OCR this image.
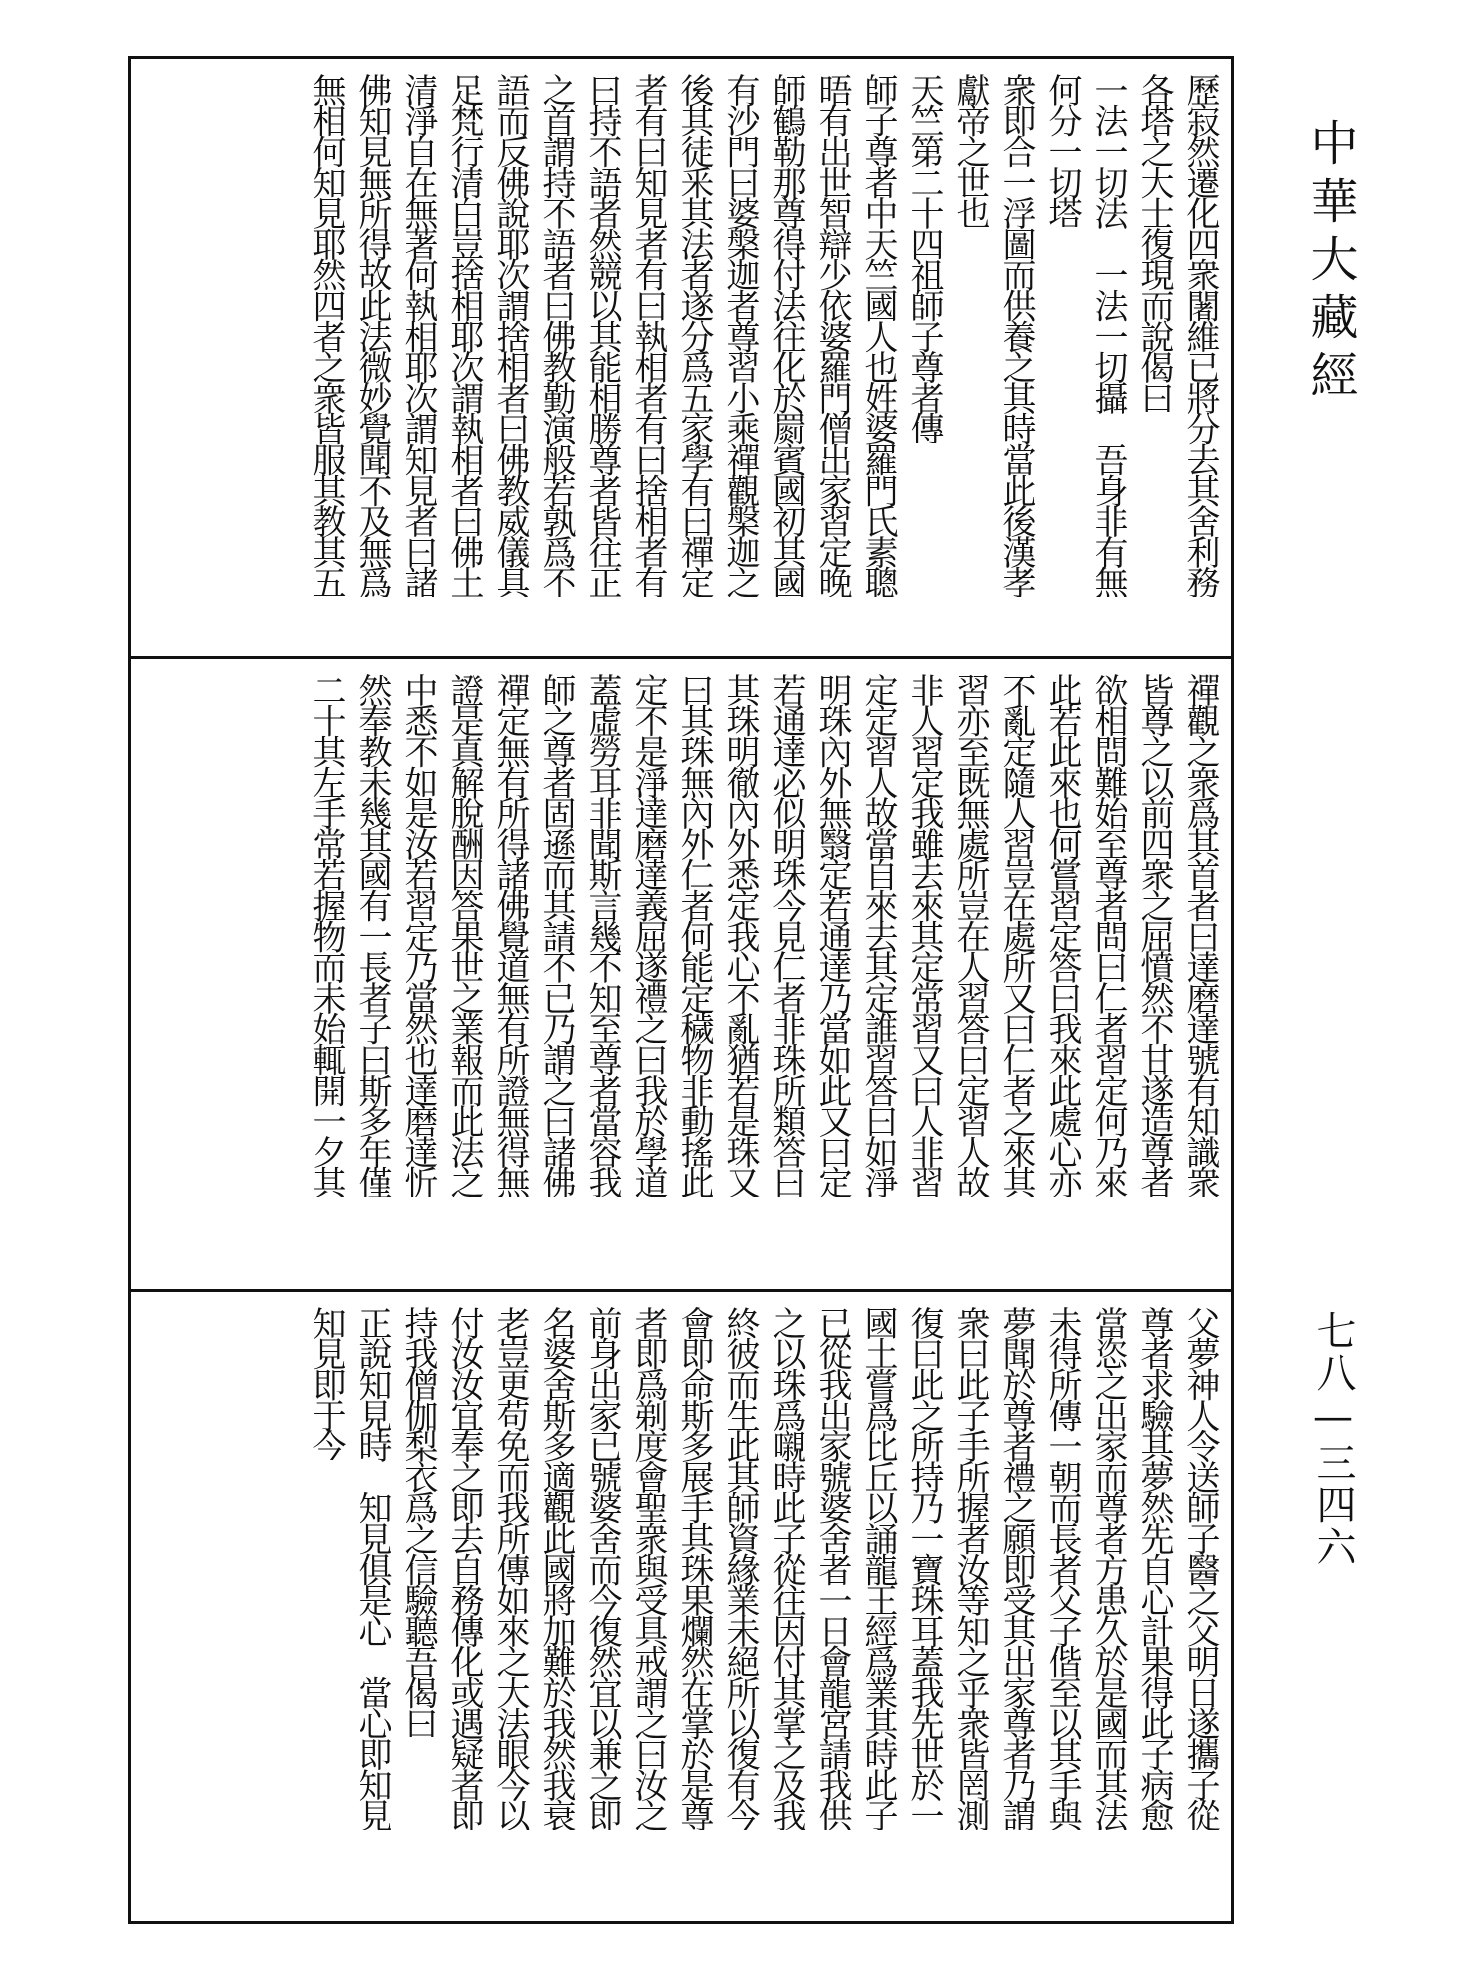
歷寂然遷化四衆闍維已將分去其舍利務
各塔之大士復現而說偈曰
一法一切法　一法一切攝　吾身非有無
何分一切塔
衆即合一浮圖而供養之其時當此後漢孝
獻帝之世也
天竺第二十四祖師子尊者傳
師子尊者中天竺國人也姓婆羅門氏素聰
晤有出世智辯少依婆羅門僧出家習定晚
師鶴勒那尊得付法往化於罽賓國初其國
有沙門曰婆槃迦者尊習小乘禪觀槃迦之
後其徒釆其法者遂分爲五家學有曰禪定
者有曰知見者有曰執相者有曰捨相者有
曰持不語者然競以其能相勝尊者皆往正
之首謂持不語者曰佛教勤演般若孰爲不
語而反佛說耶次謂捨相者曰佛教威儀具
足梵行清白豈捨相耶次謂執相者曰佛土
清淨自在無著何執相耶次謂知見者曰諸
佛知見無所得故此法微妙覺聞不及無爲
無相何知見耶然四者之衆皆服其教其五
禪觀之衆爲其首者曰達磨達號有知識衆
皆尊之以前四衆之屈憤然不甘遂造尊者
欲相問難始至尊者問曰仁者習定何乃來
此若此來也何嘗習定答曰我來此處心亦
不亂定隨人習豈在處所又曰仁者之來其
習亦至既無處所豈在人習答曰定習人故
非人習定我雖去來其定常習又曰人非習
定定習人故當自來去其定誰習答曰如淨
明珠內外無翳定若通達乃當如此又曰定
若通達必似明珠今見仁者非珠所類答曰
其珠明徹內外悉定我心不亂猶若是珠又
曰其珠無內外仁者何能定穢物非動搖此
定不是淨達磨達義屈遂禮之曰我於學道
蓋虛勞耳非聞斯言幾不知至尊者當容我
師之尊者固遜而其請不已乃謂之曰諸佛
禪定無有所得諸佛覺道無有所證無得無
證是真解脫酬因答果世之業報而此法之
中悉不如是汝若習定乃當然也達磨達忻
然奉教未幾其國有一長者子曰斯多年僅
二十其左手常若握物而未始輒開一夕其
父夢神人令送師子醫之父明日遂攜子從
尊者求驗其夢然先自心計果得此子病愈
當恣之出家而尊者方患久於是國而其法
未得所傳一朝而長者父子偕至以其手與
夢聞於尊者禮之願即受其出家尊者乃謂
衆曰此子手所握者汝等知之乎衆皆罔測
復曰此之所持乃一寶珠耳蓋我先世於一
國土嘗爲比丘以誦龍王經爲業其時此子
已從我出家號婆舍者一日會龍宮請我供
之以珠爲嚫時此子從往因付其掌之及我
終彼而生此其師資緣業未絕所以復有今
會即命斯多展手其珠果爛然在掌於是尊
者即爲剃度會聖衆與受具戒謂之曰汝之
前身出家已號婆舍而今復然宜以兼之即
名婆舍斯多適觀此國將加難於我然我衰
老豈更苟免而我所傳如來之大法眼今以
付汝汝宜奉之即去自務傳化或遇疑者即
持我僧伽梨衣爲之信驗聽吾偈曰
正說知見時　知見俱是心　當心即知見
知見即于今
中華大藏經
七八—三四六
